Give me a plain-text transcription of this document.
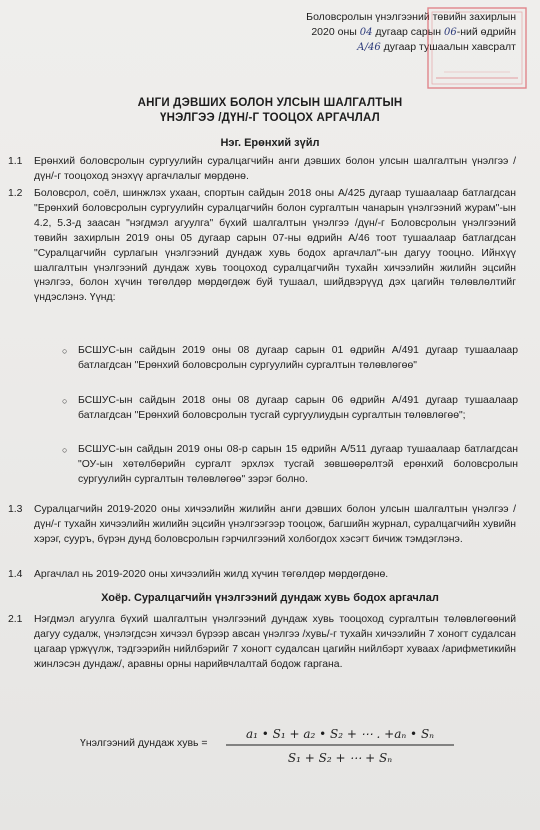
Боловсролын үнэлгээний төвийн захирлын
2020 оны 04 дугаар сарын 06-ний өдрийн
А/46 дугаар тушаалын хавсралт
АНГИ ДЭВШИХ БОЛОН УЛСЫН ШАЛГАЛТЫН
ҮНЭЛГЭЭ /ДҮН/-Г ТООЦОХ АРГАЧЛАЛ
Нэг. Ерөнхий зүйл
1.1	Ерөнхий боловсролын сургуулийн суралцагчийн анги дэвших болон улсын шалгалтын үнэлгээ /дүн/-г тооцоход энэхүү аргачлалыг мөрдөнө.
1.2	Боловсрол, соёл, шинжлэх ухаан, спортын сайдын 2018 оны А/425 дугаар тушаалаар батлагдсан "Ерөнхий боловсролын сургуулийн суралцагчийн болон сургалтын чанарын үнэлгээний журам"-ын 4.2, 5.3-д заасан "нэгдмэл агуулга" бүхий шалгалтын үнэлгээ /дүн/-г Боловсролын үнэлгээний төвийн захирлын 2019 оны 05 дугаар сарын 07-ны өдрийн А/46 тоот тушаалаар батлагдсан "Суралцагчийн сурлагын үнэлгээний дундаж хувь бодох аргачлал"-ын дагуу тооцно. Ийнхүү шалгалтын үнэлгээний дундаж хувь тооцоход суралцагчийн тухайн хичээлийн жилийн эцсийн үнэлгээ, болон хүчин төгөлдөр мөрдөгдөж буй тушаал, шийдвэрүүд дэх цагийн төлөвлөлтийг үндэслэнэ. Үүнд:
○ БСШУС-ын сайдын 2019 оны 08 дугаар сарын 01 өдрийн А/491 дугаар тушаалаар батлагдсан "Ерөнхий боловсролын сургуулийн сургалтын төлөвлөгөө"
○ БСШУС-ын сайдын 2018 оны 08 дугаар сарын 06 өдрийн А/491 дугаар тушаалаар батлагдсан "Ерөнхий боловсролын тусгай сургуулиудын сургалтын төлөвлөгөө";
○ БСШУС-ын сайдын 2019 оны 08-р сарын 15 өдрийн А/511 дугаар тушаалаар батлагдсан "ОУ-ын хөтөлбөрийн сургалт эрхлэх тусгай зөвшөөрөлтэй ерөнхий боловсролын сургуулийн сургалтын төлөвлөгөө" зэрэг болно.
1.3	Суралцагчийн 2019-2020 оны хичээлийн жилийн анги дэвших болон улсын шалгалтын үнэлгээ /дүн/-г тухайн хичээлийн жилийн эцсийн үнэлгээгээр тооцож, багшийн журнал, суралцагчийн хувийн хэрэг, сууръ, бүрэн дунд боловсролын гэрчилгээний холбогдох хэсэгт бичиж тэмдэглэнэ.
1.4	Аргачлал нь 2019-2020 оны хичээлийн жилд хүчин төгөлдөр мөрдөгдөнө.
Хоёр. Суралцагчийн үнэлгээний дундаж хувь бодох аргачлал
2.1	Нэгдмэл агуулга бүхий шалгалтын үнэлгээний дундаж хувь тооцоход сургалтын төлөвлөгөөний дагуу судалж, үнэлэгдсэн хичээл бүрээр авсан үнэлгээ /хувь/-г тухайн хичээлийн 7 хоногт судалсан цагаар үржүүлж, тэдгээрийн нийлбэрийг 7 хоногт судалсан цагийн нийлбэрт хуваах /арифметикийн жинлэсэн дундаж/, аравны орны нарийвчлалтай бодож гаргана.
Үнэлгээний дундаж хувь =
a₁ • S₁ + a₂ • S₂ + ⋯ . +aₙ • Sₙ
S₁ + S₂ + ⋯ + Sₙ
